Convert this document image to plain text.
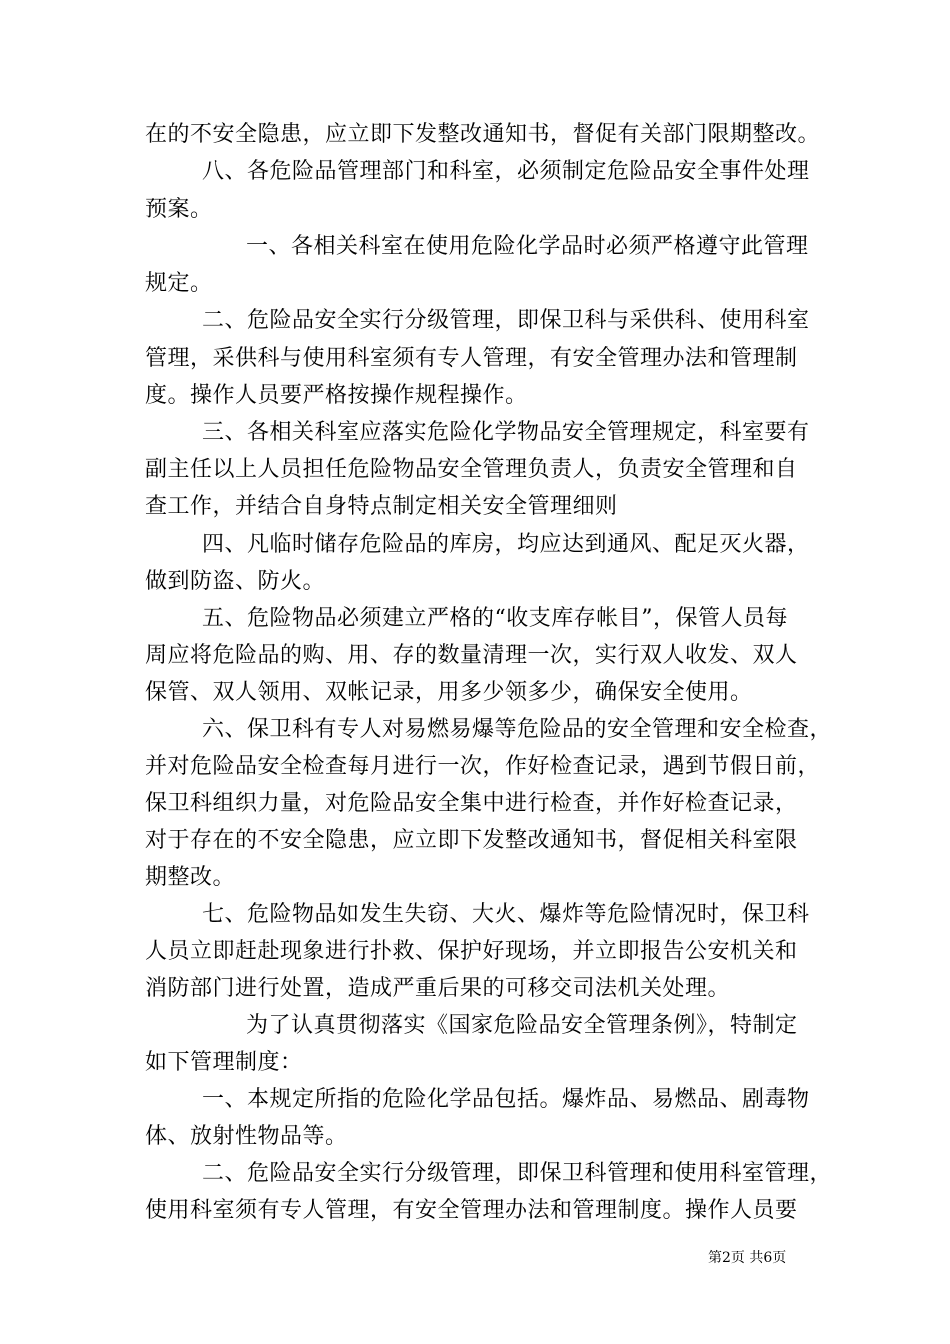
在的不安全隐患，应立即下发整改通知书，督促有关部门限期整改。
八、各危险品管理部门和科室，必须制定危险品安全事件处理
预案。
一、各相关科室在使用危险化学品时必须严格遵守此管理
规定。
二、危险品安全实行分级管理，即保卫科与采供科、使用科室
管理，采供科与使用科室须有专人管理，有安全管理办法和管理制
度。操作人员要严格按操作规程操作。
三、各相关科室应落实危险化学物品安全管理规定，科室要有
副主任以上人员担任危险物品安全管理负责人，负责安全管理和自
查工作，并结合自身特点制定相关安全管理细则
四、凡临时储存危险品的库房，均应达到通风、配足灭火器，
做到防盗、防火。
五、危险物品必须建立严格的“收支库存帐目”，保管人员每
周应将危险品的购、用、存的数量清理一次，实行双人收发、双人
保管、双人领用、双帐记录，用多少领多少，确保安全使用。
六、保卫科有专人对易燃易爆等危险品的安全管理和安全检查，
并对危险品安全检查每月进行一次，作好检查记录，遇到节假日前，
保卫科组织力量，对危险品安全集中进行检查，并作好检查记录，
对于存在的不安全隐患，应立即下发整改通知书，督促相关科室限
期整改。
七、危险物品如发生失窃、大火、爆炸等危险情况时，保卫科
人员立即赶赴现象进行扑救、保护好现场，并立即报告公安机关和
消防部门进行处置，造成严重后果的可移交司法机关处理。
为了认真贯彻落实《国家危险品安全管理条例》，特制定
如下管理制度：
一、本规定所指的危险化学品包括。爆炸品、易燃品、剧毒物
体、放射性物品等。
二、危险品安全实行分级管理，即保卫科管理和使用科室管理，
使用科室须有专人管理，有安全管理办法和管理制度。操作人员要
第2页 共6页
